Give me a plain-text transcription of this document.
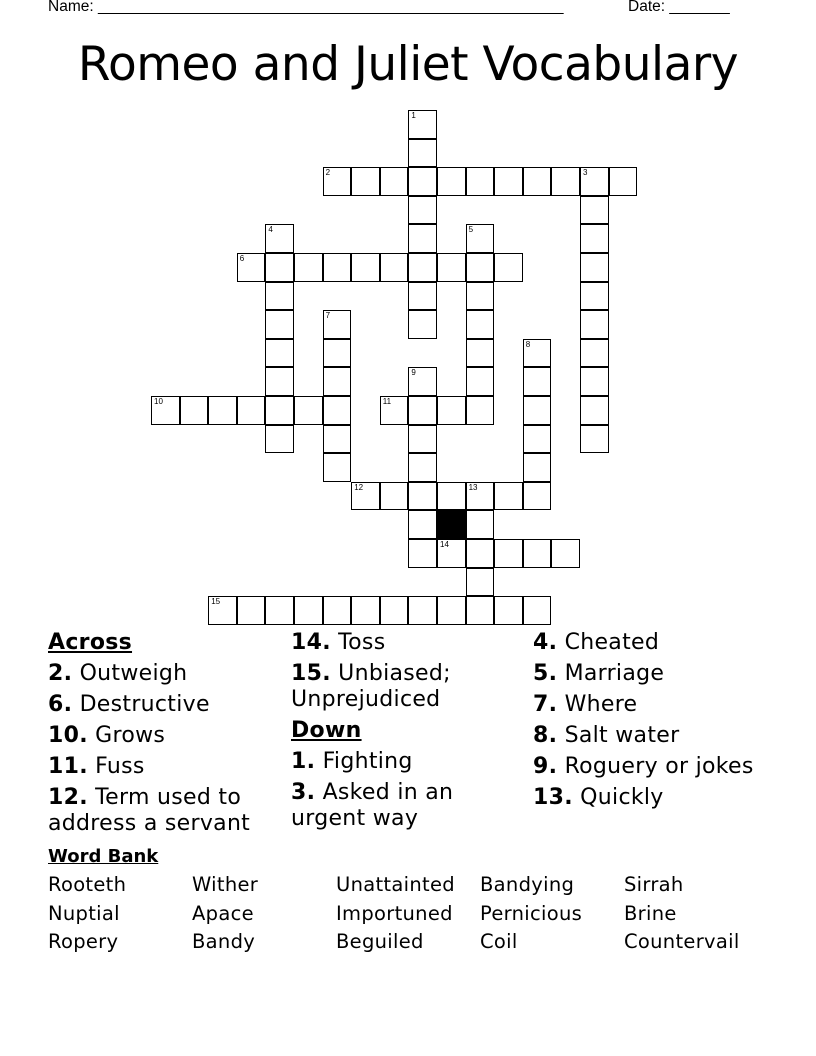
Name: ______________________________________________________	Date: _______
Romeo and Juliet Vocabulary
2	3
6
10	11
12	13
14
15
1
4	5
7
8
9
Across
2. Outweigh
6. Destructive
10. Grows
11. Fuss
12. Term used to address a servant
14. Toss
15. Unbiased; Unprejudiced
Down
1. Fighting
3. Asked in an urgent way
4. Cheated
5. Marriage
7. Where
8. Salt water
9. Roguery or jokes
13. Quickly
Word Bank
Rooteth	Wither	Unattainted	Bandying	Sirrah
Nuptial	Apace	Importuned	Pernicious	Brine
Ropery	Bandy	Beguiled	Coil	Countervail
